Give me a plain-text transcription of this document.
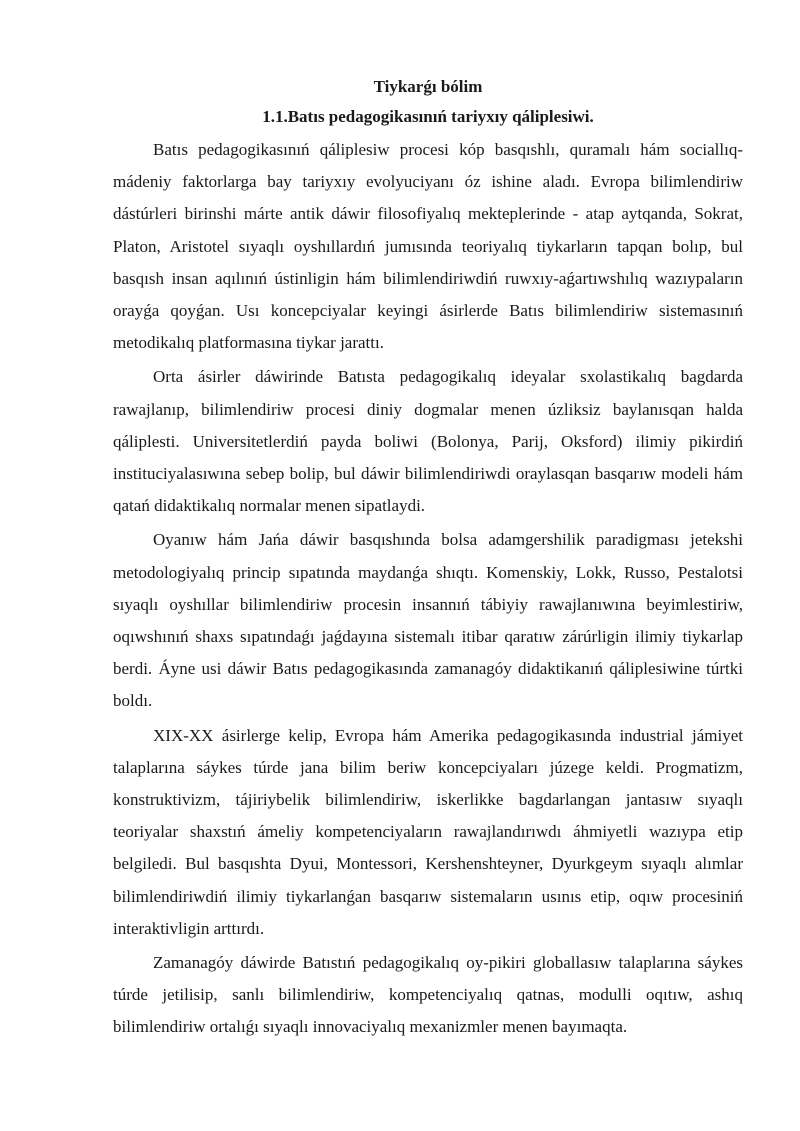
Tiykarǵı bólim

1.1.Batıs pedagogikasınıń tariyxıy qáliplesiwi.

Batıs pedagogikasınıń qáliplesiw procesi kóp basqıshlı, quramalı hám sociallıq-mádeniy faktorlarga bay tariyxıy evolyuciyanı óz ishine aladı. Evropa bilimlendiriw dástúrleri birinshi márte antik dáwir filosofiyalıq mekteplerinde - atap aytqanda, Sokrat, Platon, Aristotel sıyaqlı oyshıllardıń jumısında teoriyalıq tiykarların tapqan bolıp, bul basqısh insan aqılınıń ústinligin hám bilimlendiriwdiń ruwxıy-aǵartıwshılıq wazıypaların orayǵa qoyǵan. Usı koncepciyalar keyingi ásirlerde Batıs bilimlendiriw sistemasınıń metodikalıq platformasına tiykar jarattı.

Orta ásirler dáwirinde Batısta pedagogikalıq ideyalar sxolastikalıq bagdarda rawajlanıp, bilimlendiriw procesi diniy dogmalar menen úzliksiz baylanısqan halda qáliplesti. Universitetlerdiń payda boliwi (Bolonya, Parij, Oksford) ilimiy pikirdiń instituciyalasıwına sebep bolip, bul dáwir bilimlendiriwdi oraylasqan basqarıw modeli hám qatań didaktikalıq normalar menen sipatlaydi.

Oyanıw hám Jańa dáwir basqıshında bolsa adamgershilik paradigması jetekshi metodologiyalıq princip sıpatında maydanǵa shıqtı. Komenskiy, Lokk, Russo, Pestalotsi sıyaqlı oyshıllar bilimlendiriw procesin insannıń tábiyiy rawajlanıwına beyimlestiriw, oqıwshınıń shaxs sıpatındaǵı jaǵdayına sistemalı itibar qaratıw zárúrligin ilimiy tiykarlap berdi. Áyne usi dáwir Batıs pedagogikasında zamanagóy didaktikanıń qáliplesiwine túrtki boldı.

XIX-XX ásirlerge kelip, Evropa hám Amerika pedagogikasında industrial jámiyet talaplarına sáykes túrde jana bilim beriw koncepciyaları júzege keldi. Progmatizm, konstruktivizm, tájiriybelik bilimlendiriw, iskerlikke bagdarlangan jantasıw sıyaqlı teoriyalar shaxstıń ámeliy kompetenciyaların rawajlandırıwdı áhmiyetli wazıypa etip belgiledi. Bul basqıshta Dyui, Montessori, Kershenshteyner, Dyurkgeym sıyaqlı alımlar bilimlendiriwdiń ilimiy tiykarlanǵan basqarıw sistemaların usınıs etip, oqıw procesiniń interaktivligin arttırdı.

Zamanagóy dáwirde Batıstıń pedagogikalıq oy-pikiri globallasıw talaplarına sáykes túrde jetilisip, sanlı bilimlendiriw, kompetenciyalıq qatnas, modulli oqıtıw, ashıq bilimlendiriw ortalıǵı sıyaqlı innovaciyalıq mexanizmler menen bayımaqta.
